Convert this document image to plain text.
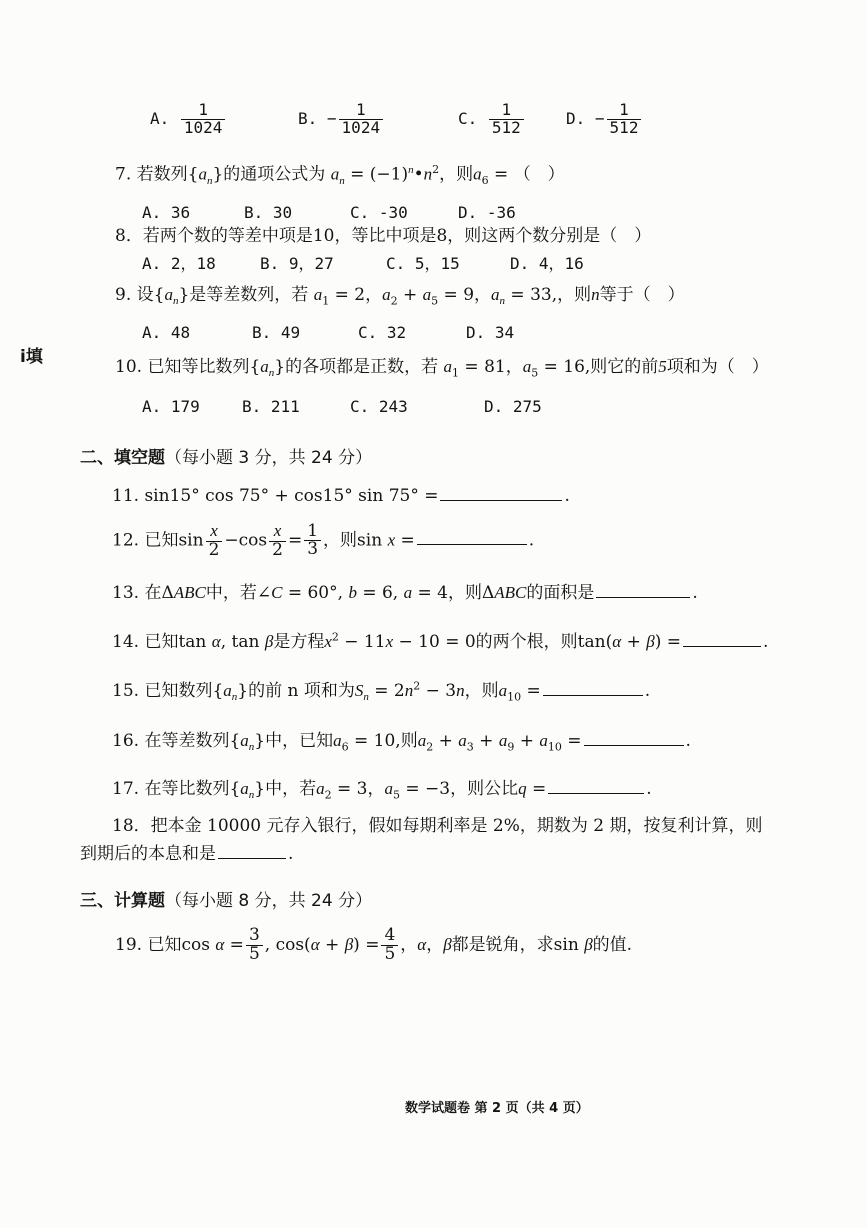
A. $\frac{1}{1024}$	B. − $\frac{1}{1024}$	C. $\frac{1}{512}$	D. − $\frac{1}{512}$
7. 若数列$\{a_n\}$的通项公式为 $a_n$ = $(-1)^n•n^2$，则$a_6$ = （　）
A. 36	B. 30	C. -30	D. -36
8．若两个数的等差中项是10，等比中项是8，则这两个数分别是（　）
A. 2，18	B. 9，27	C. 5，15	D. 4，16
9. 设$\{a_n\}$是等差数列，若 $a_1 = 2$，$a_2 + a_5 = 9$，$a_n = 33$,，则n等于（　）
A. 48	B. 49	C. 32	D. 34
i填	10. 已知等比数列$\{a_n\}$的各项都是正数，若 $a_1 = 81$，$a_5 = 16$,则它的前5项和为（　）
A. 179	B. 211	C. 243	D. 275
二、填空题（每小题 3 分，共 24 分）
11. sin15° cos 75° + cos15° sin 75° =	.
12. 已知$\sin \frac{x}{2} -\cos \frac{x}{2} = \frac{1}{3}$ ，则sin x =	.
13. 在ΔABC中，若∠C = 60°, b = 6, a = 4，则ΔABC的面积是	.
14. 已知tan α, tan β是方程$x^2 - 11x - 10 = 0$的两个根，则tan(α + β) =	.
15. 已知数列$\{a_n\}$的前 n 项和为$S_n = 2n^2 - 3n$，则$a_{10}$ =	.
16. 在等差数列$\{a_n\}$中，已知$a_6 = 10$,则$a_2 + a_3 + a_9 + a_{10}$ =	.
17. 在等比数列$\{a_n\}$中，若$a_2 = 3$，$a_5 = -3$，则公比q =	.
18．把本金 10000 元存入银行，假如每期利率是 2%，期数为 2 期，按复利计算，则
到期后的本息和是	.
三、计算题（每小题 8 分，共 24 分）
19. 已知$\cos \alpha = \frac{3}{5}$ , $\cos(\alpha + \beta) = \frac{4}{5}$ ，α，β都是锐角，求sin β的值.
数学试题卷 第 2 页（共 4 页）
